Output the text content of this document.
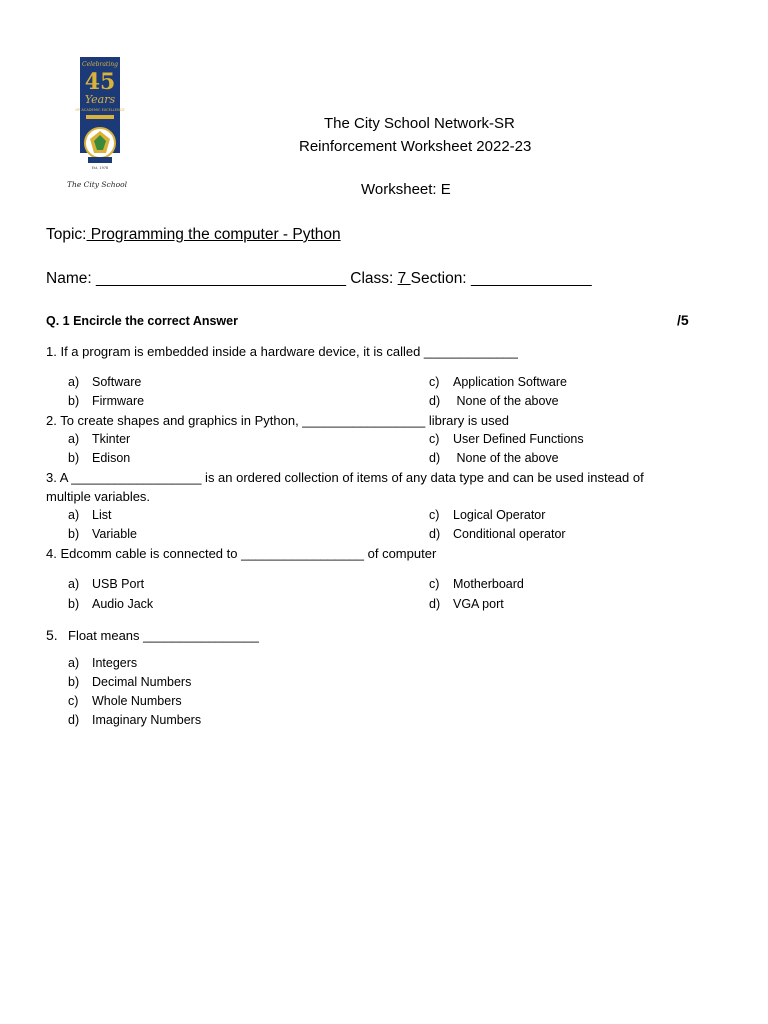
Celebrating
45
Years
OF ACADEMIC EXCELLENCE
Est. 1978
The City School
The City School Network-SR
Reinforcement Worksheet 2022-23
Worksheet: E
Topic: Programming the computer - Python
Name: _____________________________ Class: 7 Section: ______________
Q. 1 Encircle the correct Answer	/5
1. If a program is embedded inside a hardware device, it is called _____________
a) Software
b) Firmware
c) Application Software
d) None of the above
2. To create shapes and graphics in Python, _________________ library is used
a) Tkinter
b) Edison
c) User Defined Functions
d) None of the above
3. A __________________ is an ordered collection of items of any data type and can be used instead of
multiple variables.
a) List
b) Variable
c) Logical Operator
d) Conditional operator
4. Edcomm cable is connected to _________________ of computer
a) USB Port
b) Audio Jack
c) Motherboard
d) VGA port
5. Float means ________________
a) Integers
b) Decimal Numbers
c) Whole Numbers
d) Imaginary Numbers
